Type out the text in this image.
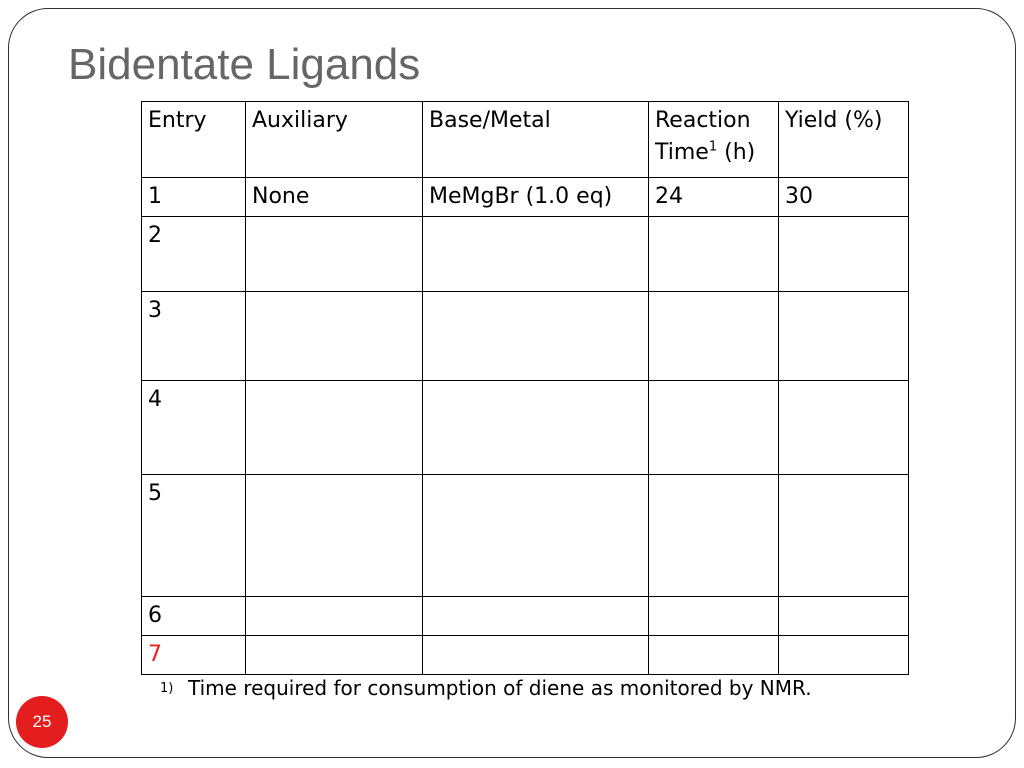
Bidentate Ligands
Entry	Auxiliary	Base/Metal	Reaction Time$^1$ (h)	Yield (%)
1	None	MeMgBr (1.0 eq)	24	30
2				
3				
4				
5				
6				
7				
1) Time required for consumption of diene as monitored by NMR.
25
